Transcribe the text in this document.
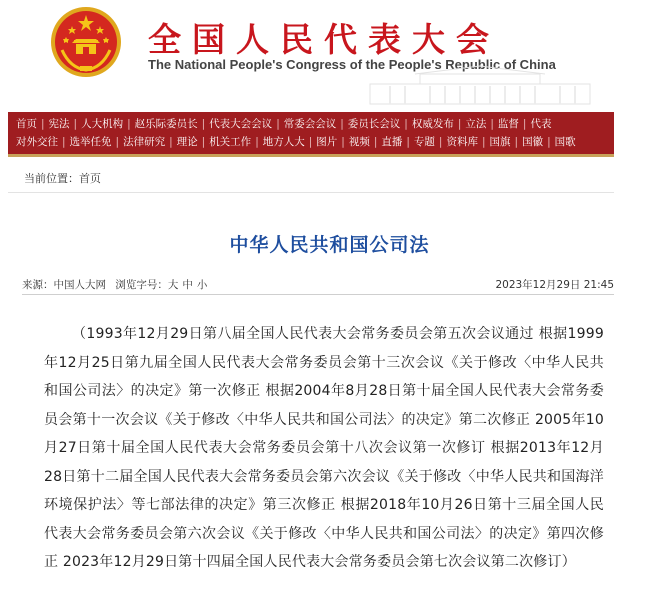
全国人民代表大会
The National People's Congress of the People's Republic of China
首页 | 宪法 | 人大机构 | 赵乐际委员长 | 代表大会会议 | 常委会会议 | 委员长会议 | 权威发布 | 立法 | 监督 | 代表
对外交往 | 选举任免 | 法律研究 | 理论 | 机关工作 | 地方人大 | 图片 | 视频 | 直播 | 专题 | 资料库 | 国旗 | 国徽 | 国歌
当前位置：首页
中华人民共和国公司法
来源：中国人大网 浏览字号：大 中 小	2023年12月29日 21:45

（1993年12月29日第八届全国人民代表大会常务委员会第五次会议通过 根据1999年12月25日第九届全国人民代表大会常务委员会第十三次会议《关于修改〈中华人民共和国公司法〉的决定》第一次修正 根据2004年8月28日第十届全国人民代表大会常务委员会第十一次会议《关于修改〈中华人民共和国公司法〉的决定》第二次修正 2005年10月27日第十届全国人民代表大会常务委员会第十八次会议第一次修订 根据2013年12月28日第十二届全国人民代表大会常务委员会第六次会议《关于修改〈中华人民共和国海洋环境保护法〉等七部法律的决定》第三次修正 根据2018年10月26日第十三届全国人民代表大会常务委员会第六次会议《关于修改〈中华人民共和国公司法〉的决定》第四次修正 2023年12月29日第十四届全国人民代表大会常务委员会第七次会议第二次修订）
